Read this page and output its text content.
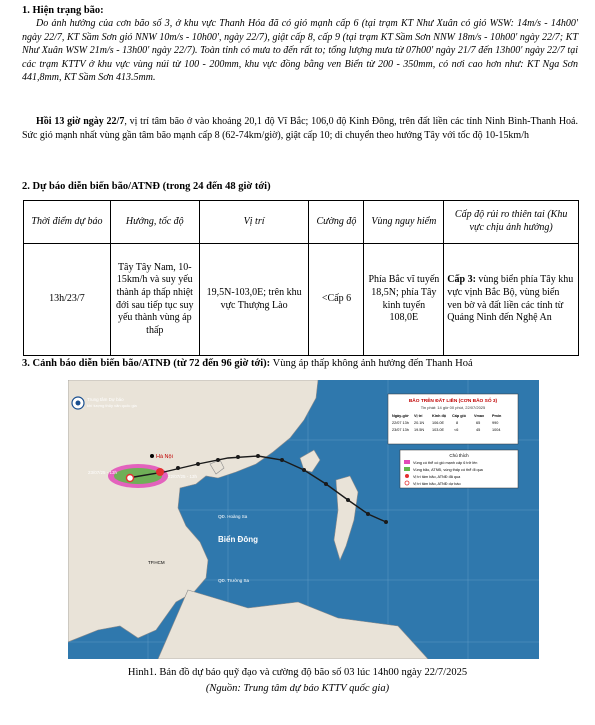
1. Hiện trạng bão:
Do ảnh hưởng của cơn bão số 3, ở khu vực Thanh Hóa đã có gió mạnh cấp 6 (tại trạm KT Như Xuân có gió WSW: 14m/s - 14h00' ngày 22/7, KT Sầm Sơn gió NNW 10m/s - 10h00', ngày 22/7), giật cấp 8, cấp 9 (tại trạm KT Sầm Sơn NNW 18m/s - 10h00' ngày 22/7; KT Như Xuân WSW 21m/s - 13h00' ngày 22/7). Toàn tỉnh có mưa to đến rất to; tổng lượng mưa từ 07h00' ngày 21/7 đến 13h00' ngày 22/7 tại các trạm KTTV ở khu vực vùng núi từ 100 - 200mm, khu vực đồng bằng ven Biển từ 200 - 350mm, có nơi cao hơn như: KT Nga Sơn 441,8mm, KT Sầm Sơn 413.5mm.
Hồi 13 giờ ngày 22/7, vị trí tâm bão ở vào khoảng 20,1 độ Vĩ Bắc; 106,0 độ Kinh Đông, trên đất liền các tỉnh Ninh Bình-Thanh Hoá. Sức gió mạnh nhất vùng gần tâm bão mạnh cấp 8 (62-74km/giờ), giật cấp 10; di chuyển theo hướng Tây với tốc độ 10-15km/h
2. Dự báo diễn biến bão/ATNĐ (trong 24 đến 48 giờ tới)
Thời điểm dự báo	Hướng, tốc độ	Vị trí	Cường độ	Vùng nguy hiểm	Cấp độ rủi ro thiên tai (Khu vực chịu ảnh hưởng)
13h/23/7	Tây Tây Nam, 10-15km/h và suy yếu thành áp thấp nhiệt đới sau tiếp tục suy yếu thành vùng áp thấp	19,5N-103,0E; trên khu vực Thượng Lào	<Cấp 6	Phía Bắc vĩ tuyến 18,5N; phía Tây kinh tuyến 108,0E	Cấp 3: vùng biển phía Tây khu vực vịnh Bắc Bộ, vùng biển ven bờ và đất liền các tỉnh từ Quảng Ninh đến Nghệ An
3. Cảnh báo diễn biến bão/ATNĐ (từ 72 đến 96 giờ tới): Vùng áp thấp không ảnh hưởng đến Thanh Hoá
Hà Nội
23/07/25 - 13h
22/07/25 - 13h
QĐ. Hoàng Sa
QĐ. Trường Sa
TP.HCM
Biển Đông
Trung tâm Dự báo
khí tượng thủy văn quốc gia
BÃO TRÊN ĐẤT LIỀN (CƠN BÃO SỐ 3)
Tin phát: 14 giờ 00 phút, 22/07/2025
Ngày-giờ Vị trí	Kinh độ Cấp gió Vmax Pmin
22/07 13h 20.1N 106.0E	8	65	990
23/07 13h 19.5N 103.0E	<6	45	1004
Chú thích
Vùng có thể có gió mạnh cấp 6 trở lên
Vùng bão, ATNĐ, vùng thấp có thể đi qua
Vị trí tâm bão, ATNĐ đã qua
Vị trí tâm bão, ATNĐ dự báo
Hình1. Bản đồ dự báo quỹ đạo và cường độ bão số 03 lúc 14h00 ngày 22/7/2025
(Nguồn: Trung tâm dự báo KTTV quốc gia)
